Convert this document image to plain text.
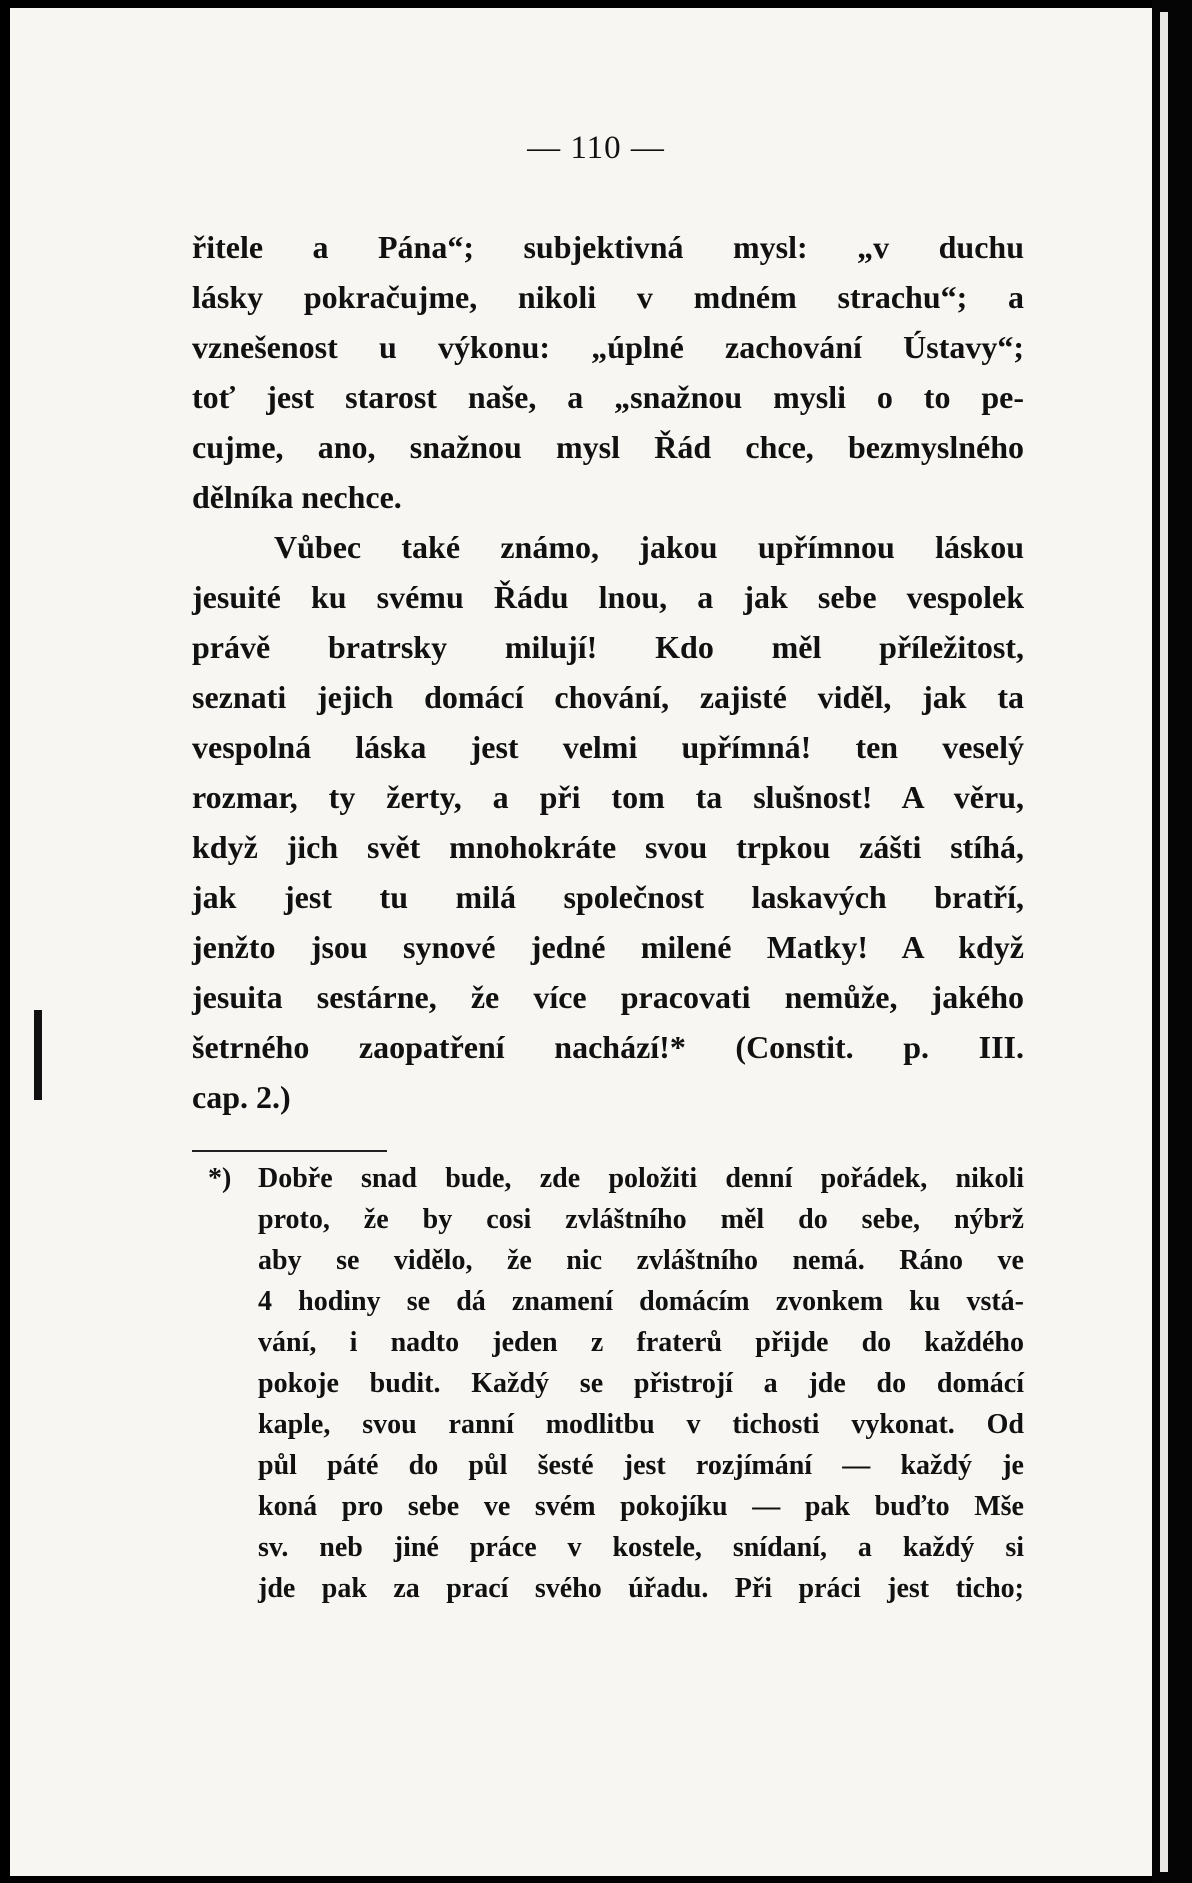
— 110 —
řitele a Pána“; subjektivná mysl: „v duchu
lásky pokračujme, nikoli v mdném strachu“; a
vznešenost u výkonu: „úplné zachování Ústavy“;
toť jest starost naše, a „snažnou mysli o to pe-
cujme, ano, snažnou mysl Řád chce, bezmyslného
dělníka nechce.
Vůbec také známo, jakou upřímnou láskou
jesuité ku svému Řádu lnou, a jak sebe vespolek
právě bratrsky milují! Kdo měl příležitost,
seznati jejich domácí chování, zajisté viděl, jak ta
vespolná láska jest velmi upřímná! ten veselý
rozmar, ty žerty, a při tom ta slušnost! A věru,
když jich svět mnohokráte svou trpkou zášti stíhá,
jak jest tu milá společnost laskavých bratří,
jenžto jsou synové jedné milené Matky! A když
jesuita sestárne, že více pracovati nemůže, jakého
šetrného zaopatření nachází!* (Constit. p. III.
cap. 2.)
*) Dobře snad bude, zde položiti denní pořádek, nikoli
proto, že by cosi zvláštního měl do sebe, nýbrž
aby se vidělo, že nic zvláštního nemá. Ráno ve
4 hodiny se dá znamení domácím zvonkem ku vstá-
vání, i nadto jeden z fraterů přijde do každého
pokoje budit. Každý se přistrojí a jde do domácí
kaple, svou ranní modlitbu v tichosti vykonat. Od
půl páté do půl šesté jest rozjímání — každý je
koná pro sebe ve svém pokojíku — pak buďto Mše
sv. neb jiné práce v kostele, snídaní, a každý si
jde pak za prací svého úřadu. Při práci jest ticho;
